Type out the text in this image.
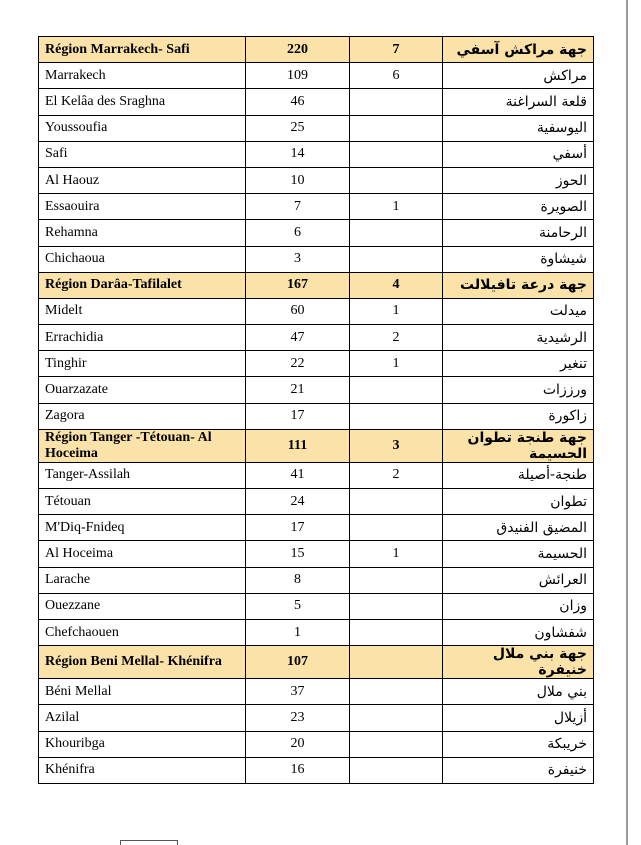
Région Marrakech- Safi	220	7	جهة مراكش آسفي
Marrakech	109	6	مراكش
El Kelâa des Sraghna	46		قلعة السراغنة
Youssoufia	25		اليوسفية
Safi	14		أسفي
Al Haouz	10		الحوز
Essaouira	7	1	الصويرة
Rehamna	6		الرحامنة
Chichaoua	3		شيشاوة
Région Darâa-Tafilalet	167	4	جهة درعة تافيلالت
Midelt	60	1	ميدلت
Errachidia	47	2	الرشيدية
Tinghir	22	1	تنغير
Ouarzazate	21		ورززات
Zagora	17		زاكورة
Région Tanger -Tétouan- Al Hoceima	111	3	جهة طنجة تطوان الحسيمة
Tanger-Assilah	41	2	طنجة-أصيلة
Tétouan	24		تطوان
M'Diq-Fnideq	17		المضيق الفنيدق
Al Hoceima	15	1	الحسيمة
Larache	8		العرائش
Ouezzane	5		وزان
Chefchaouen	1		شفشاون
Région Beni Mellal- Khénifra	107		جهة بني ملال خنيفرة
Béni Mellal	37		بني ملال
Azilal	23		أزيلال
Khouribga	20		خريبكة
Khénifra	16		خنيفرة
